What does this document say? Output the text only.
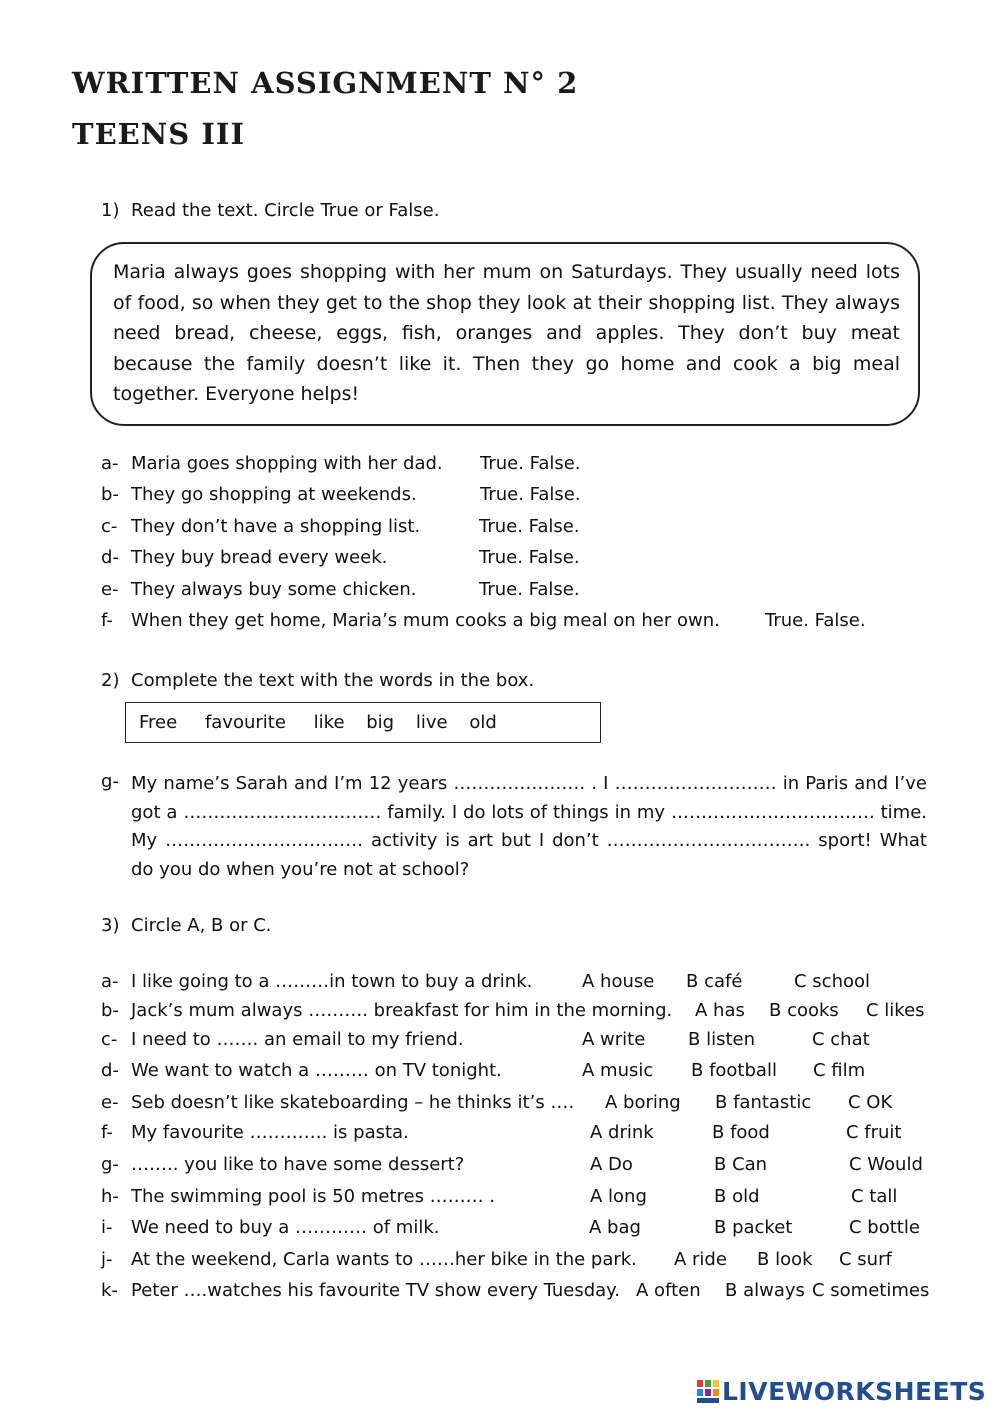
WRITTEN ASSIGNMENT N° 2
TEENS III
1) Read the text. Circle True or False.
Maria always goes shopping with her mum on Saturdays. They usually need lots of food, so when they get to the shop they look at their shopping list. They always need bread, cheese, eggs, fish, oranges and apples. They don’t buy meat because the family doesn’t like it. Then they go home and cook a big meal together. Everyone helps!
a- Maria goes shopping with her dad. True. False.
b- They go shopping at weekends.	True. False.
c- They don’t have a shopping list.	True. False.
d- They buy bread every week.	True. False.
e- They always buy some chicken.	True. False.
f- When they get home, Maria’s mum cooks a big meal on her own.	True. False.
2) Complete the text with the words in the box.
Free favourite like big live old
g- My name’s Sarah and I’m 12 years …………………. . I ……………………… in Paris and I’ve got a …………………………… family. I do lots of things in my ……………………………. time. My …………………………… activity is art but I don’t ……………………………. sport! What do you do when you’re not at school?
3) Circle A, B or C.
a- I like going to a ………in town to buy a drink.	A house B café	C school
b- Jack’s mum always ………. breakfast for him in the morning. A has B cooks C likes
c- I need to ……. an email to my friend.	A write B listen	C chat
d- We want to watch a ……… on TV tonight.	A music B football C film
e- Seb doesn’t like skateboarding – he thinks it’s …. A boring B fantastic C OK
f- My favourite …………. is pasta.	A drink	B food	C fruit
g- …….. you like to have some dessert?	A Do	B Can	C Would
h- The swimming pool is 50 metres ……… .	A long	B old	C tall
i- We need to buy a ………… of milk.	A bag	B packet	C bottle
j- At the weekend, Carla wants to ……her bike in the park. A ride B look C surf
k- Peter ….watches his favourite TV show every Tuesday. A often B always C sometimes
LIVEWORKSHEETS
